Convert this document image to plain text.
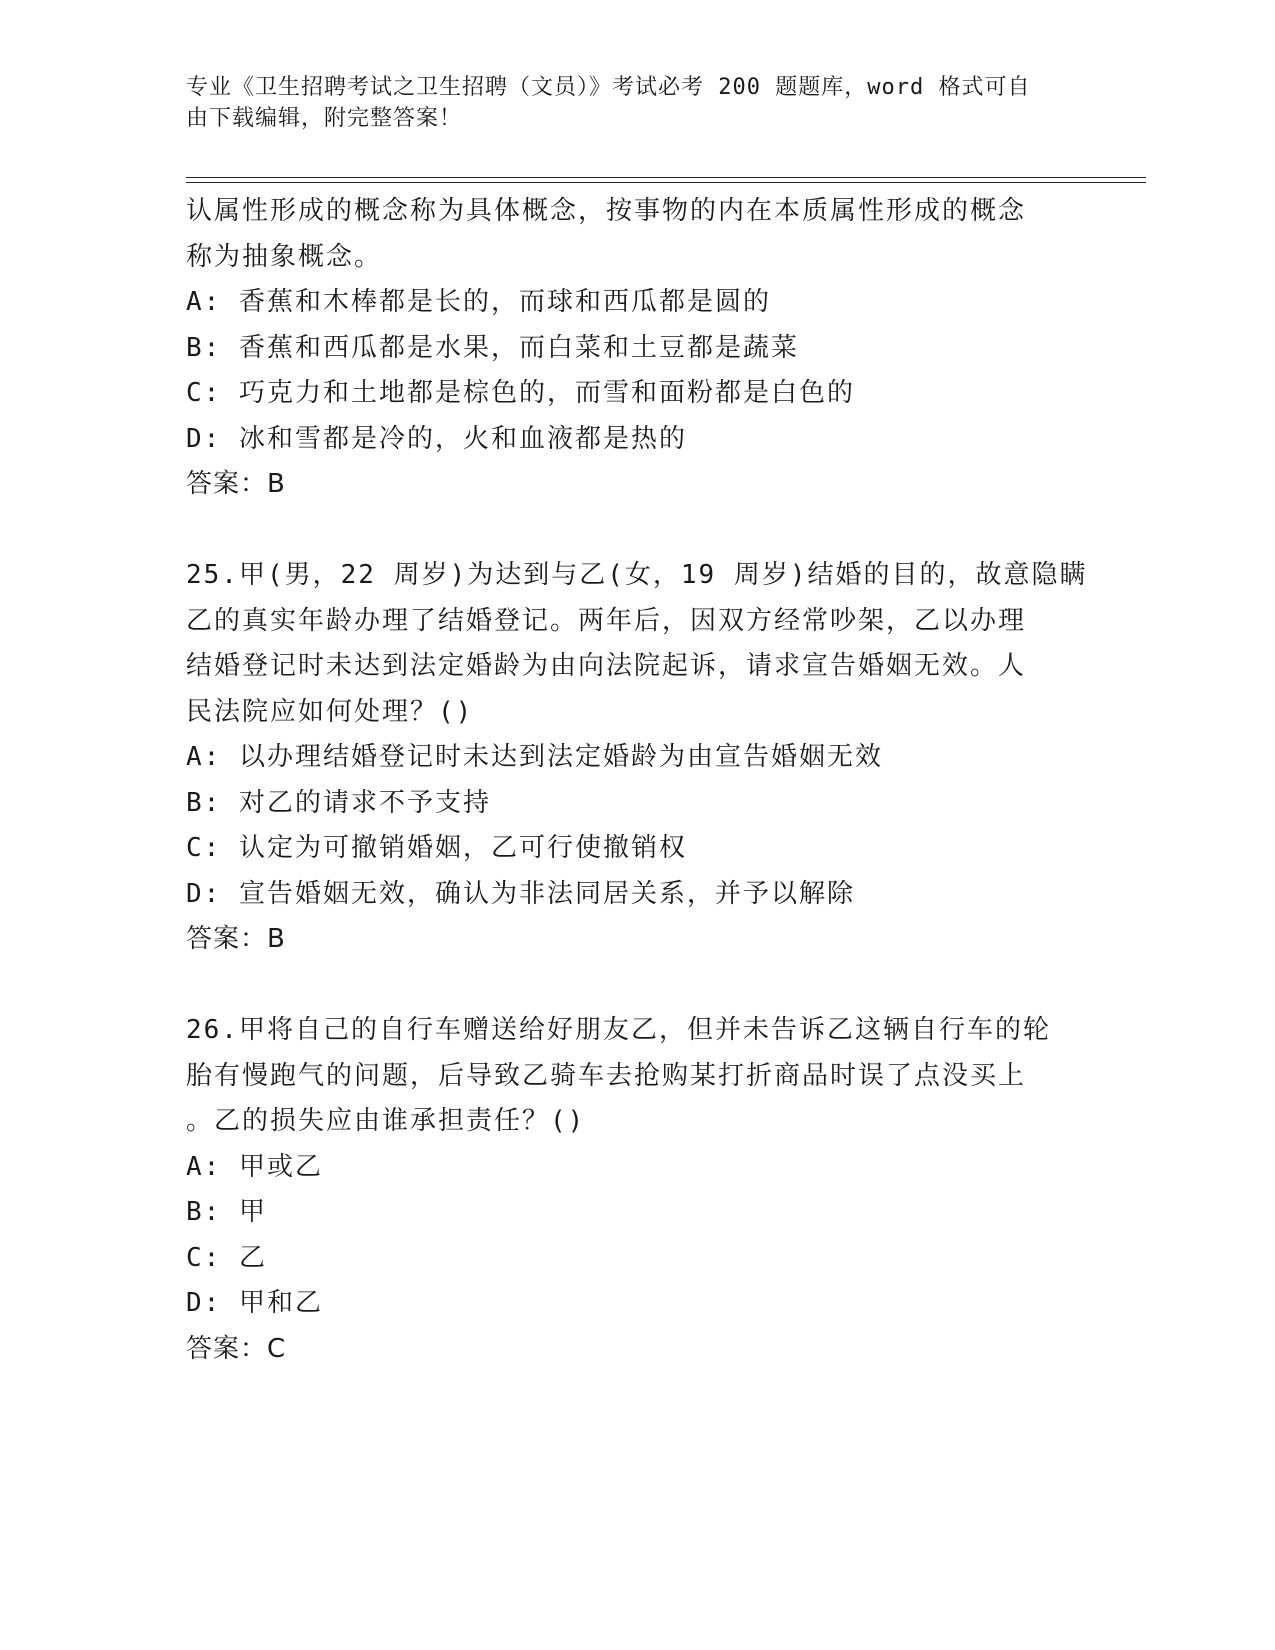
专业《卫生招聘考试之卫生招聘（文员）》考试必考 200 题题库，word 格式可自
由下载编辑，附完整答案！
认属性形成的概念称为具体概念，按事物的内在本质属性形成的概念
称为抽象概念。
A: 香蕉和木棒都是长的，而球和西瓜都是圆的
B: 香蕉和西瓜都是水果，而白菜和土豆都是蔬菜
C: 巧克力和土地都是棕色的，而雪和面粉都是白色的
D: 冰和雪都是冷的，火和血液都是热的
答案：B
25.甲(男，22 周岁)为达到与乙(女，19 周岁)结婚的目的，故意隐瞒
乙的真实年龄办理了结婚登记。两年后，因双方经常吵架，乙以办理
结婚登记时未达到法定婚龄为由向法院起诉，请求宣告婚姻无效。人
民法院应如何处理？()
A: 以办理结婚登记时未达到法定婚龄为由宣告婚姻无效
B: 对乙的请求不予支持
C: 认定为可撤销婚姻，乙可行使撤销权
D: 宣告婚姻无效，确认为非法同居关系，并予以解除
答案：B
26.甲将自己的自行车赠送给好朋友乙，但并未告诉乙这辆自行车的轮
胎有慢跑气的问题，后导致乙骑车去抢购某打折商品时误了点没买上
。乙的损失应由谁承担责任？()
A: 甲或乙
B: 甲
C: 乙
D: 甲和乙
答案：C
